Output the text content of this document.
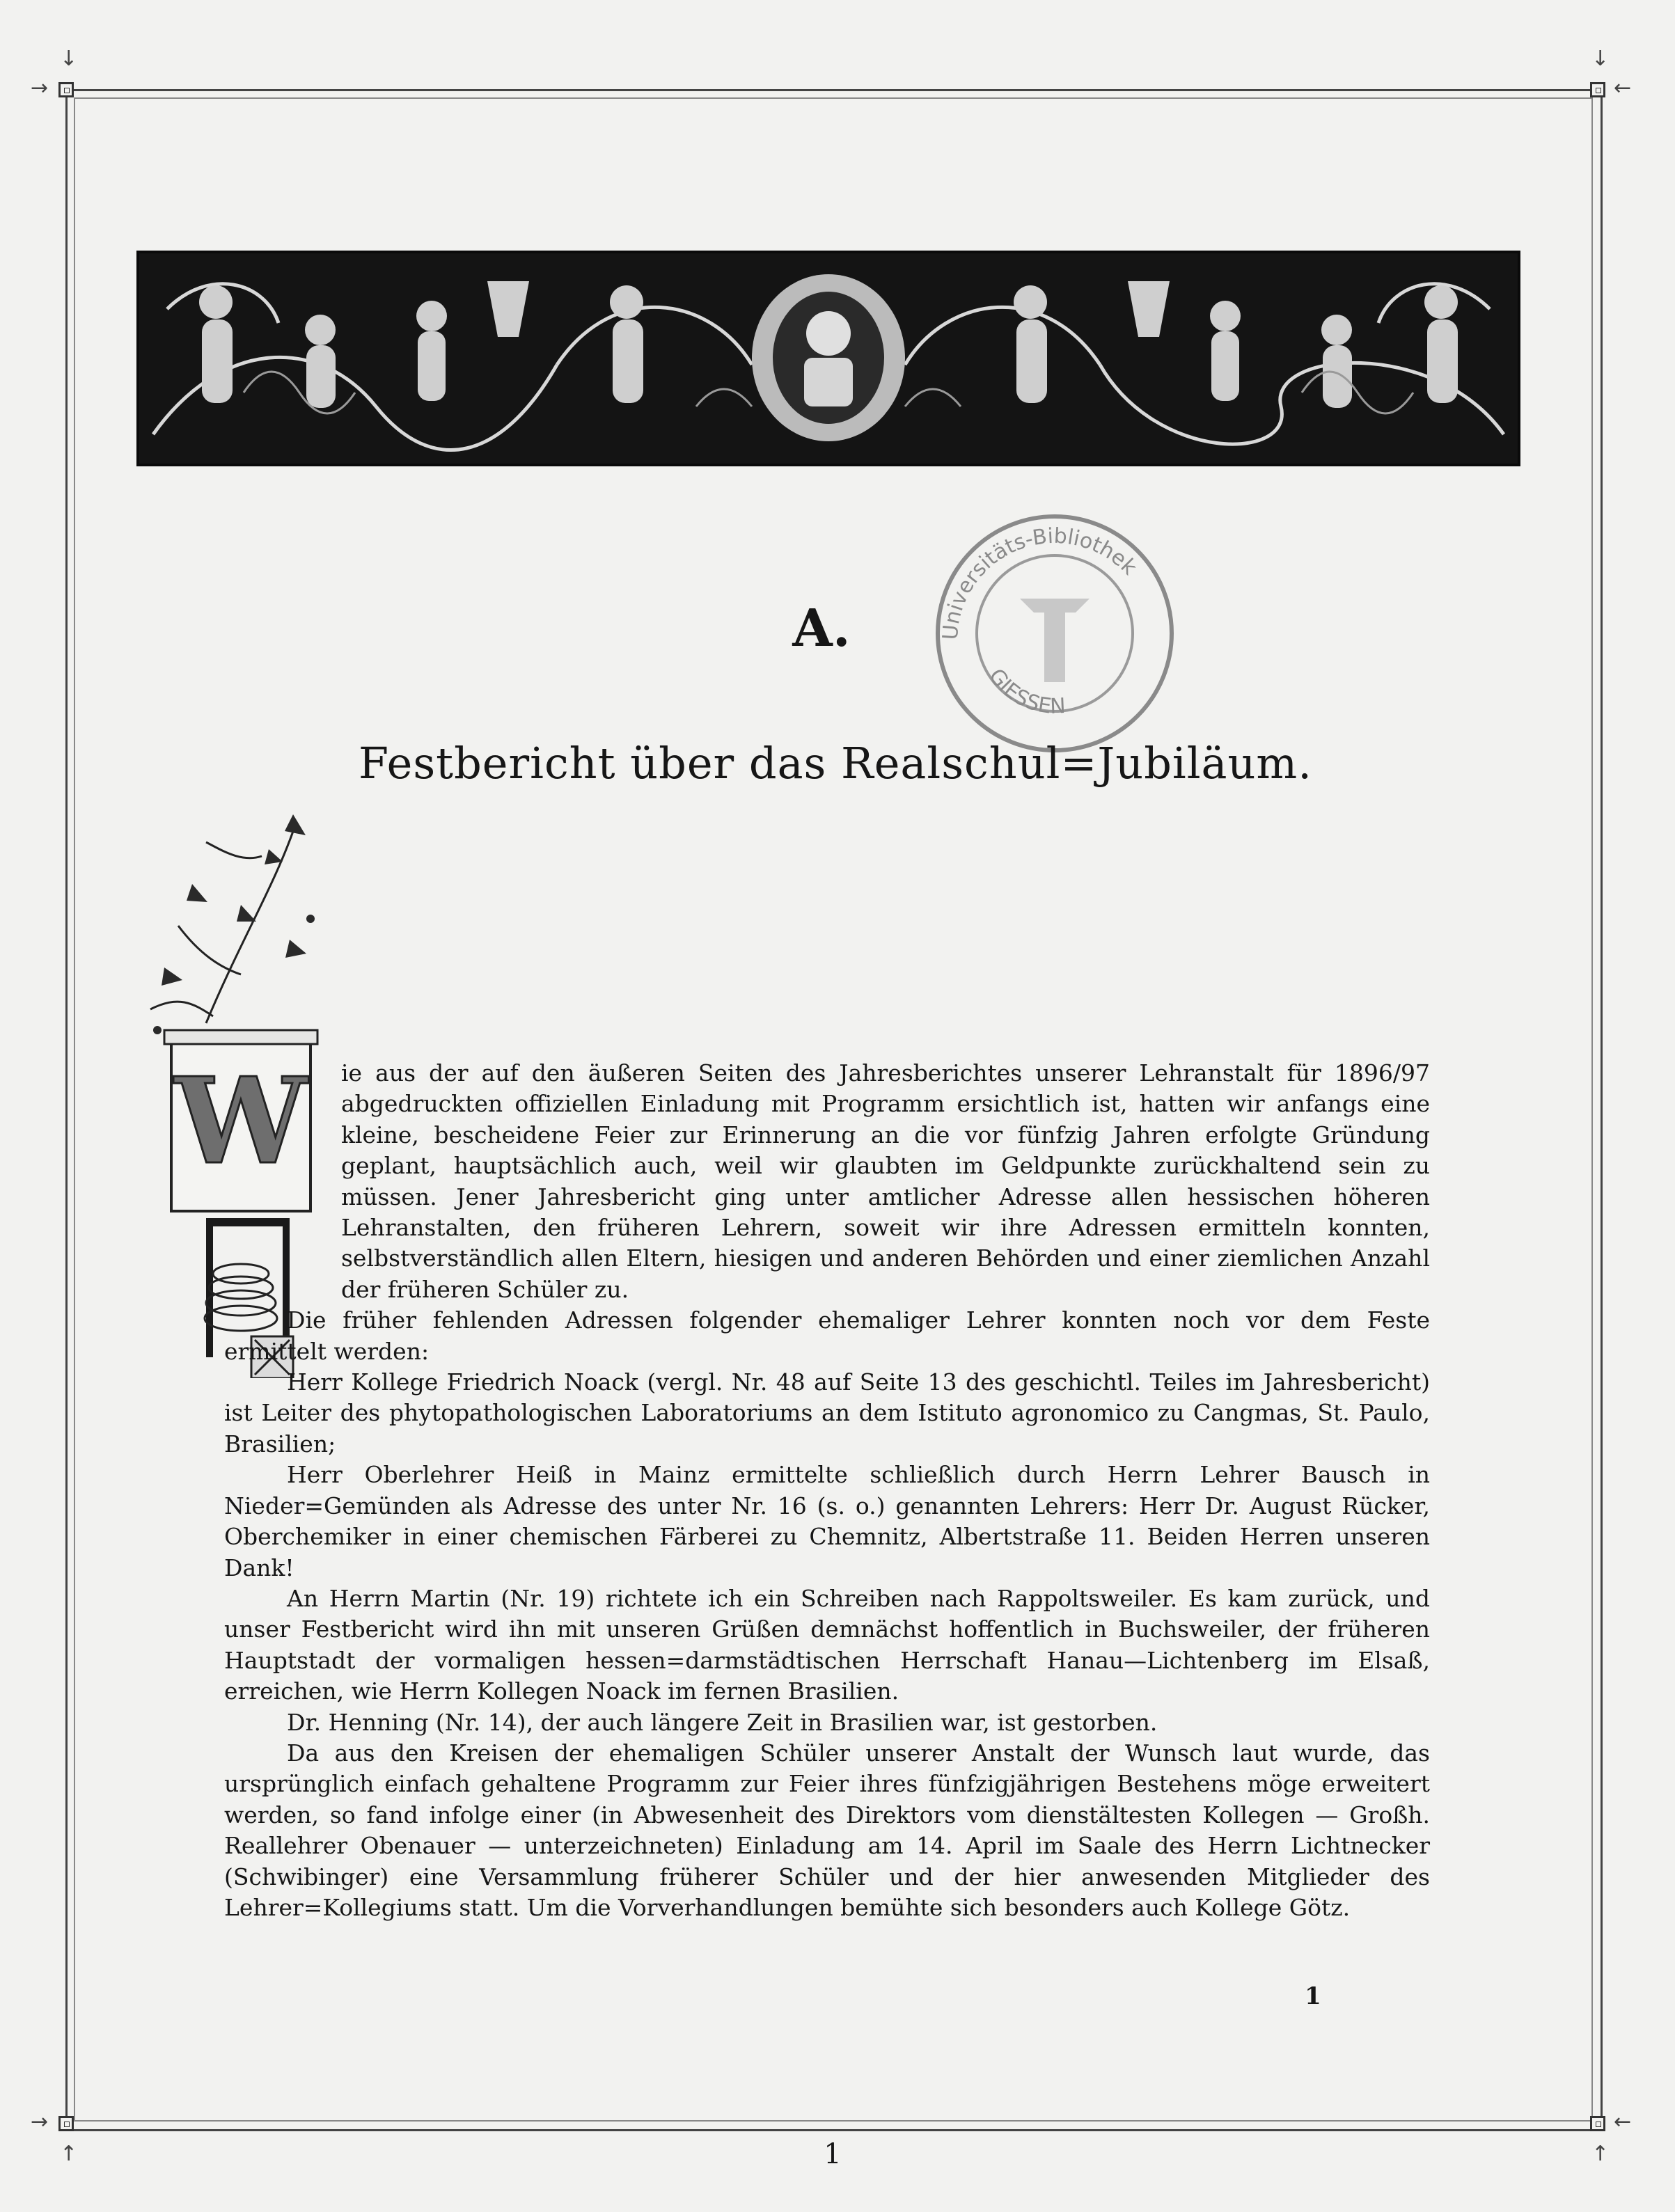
→	←
→	←
↓	↓
↑	↑
Universitäts-Bibliothek
GIESSEN
A.
Festbericht über das Realschul=Jubiläum.
W	ie aus der auf den äußeren Seiten des Jahresberichtes unserer Lehranstalt für 1896/97 abgedruckten offiziellen Einladung mit Programm ersichtlich ist, hatten wir anfangs eine kleine, bescheidene Feier zur Erinnerung an die vor fünfzig Jahren erfolgte Gründung geplant, hauptsächlich auch, weil wir glaubten im Geldpunkte zurückhaltend sein zu müssen. Jener Jahresbericht ging unter amtlicher Adresse allen hessischen höheren Lehranstalten, den früheren Lehrern, soweit wir ihre Adressen ermitteln konnten, selbstverständlich allen Eltern, hiesigen und anderen Behörden und einer ziemlichen Anzahl der früheren Schüler zu.

Die früher fehlenden Adressen folgender ehemaliger Lehrer konnten noch vor dem Feste ermittelt werden:

Herr Kollege Friedrich Noack (vergl. Nr. 48 auf Seite 13 des geschichtl. Teiles im Jahresbericht) ist Leiter des phytopathologischen Laboratoriums an dem Istituto agronomico zu Cangmas, St. Paulo, Brasilien;

Herr Oberlehrer Heiß in Mainz ermittelte schließlich durch Herrn Lehrer Bausch in Nieder=Gemünden als Adresse des unter Nr. 16 (s. o.) genannten Lehrers: Herr Dr. August Rücker, Oberchemiker in einer chemischen Färberei zu Chemnitz, Albertstraße 11. Beiden Herren unseren Dank!

An Herrn Martin (Nr. 19) richtete ich ein Schreiben nach Rappoltsweiler. Es kam zurück, und unser Festbericht wird ihn mit unseren Grüßen demnächst hoffentlich in Buchsweiler, der früheren Hauptstadt der vormaligen hessen=darmstädtischen Herrschaft Hanau—Lichtenberg im Elsaß, erreichen, wie Herrn Kollegen Noack im fernen Brasilien.

Dr. Henning (Nr. 14), der auch längere Zeit in Brasilien war, ist gestorben.

Da aus den Kreisen der ehemaligen Schüler unserer Anstalt der Wunsch laut wurde, das ursprünglich einfach gehaltene Programm zur Feier ihres fünfzigjährigen Bestehens möge erweitert werden, so fand infolge einer (in Abwesenheit des Direktors vom dienstältesten Kollegen — Großh. Reallehrer Obenauer — unterzeichneten) Einladung am 14. April im Saale des Herrn Lichtnecker (Schwibinger) eine Versammlung früherer Schüler und der hier anwesenden Mitglieder des Lehrer=Kollegiums statt. Um die Vorverhandlungen bemühte sich besonders auch Kollege Götz.

1
1
